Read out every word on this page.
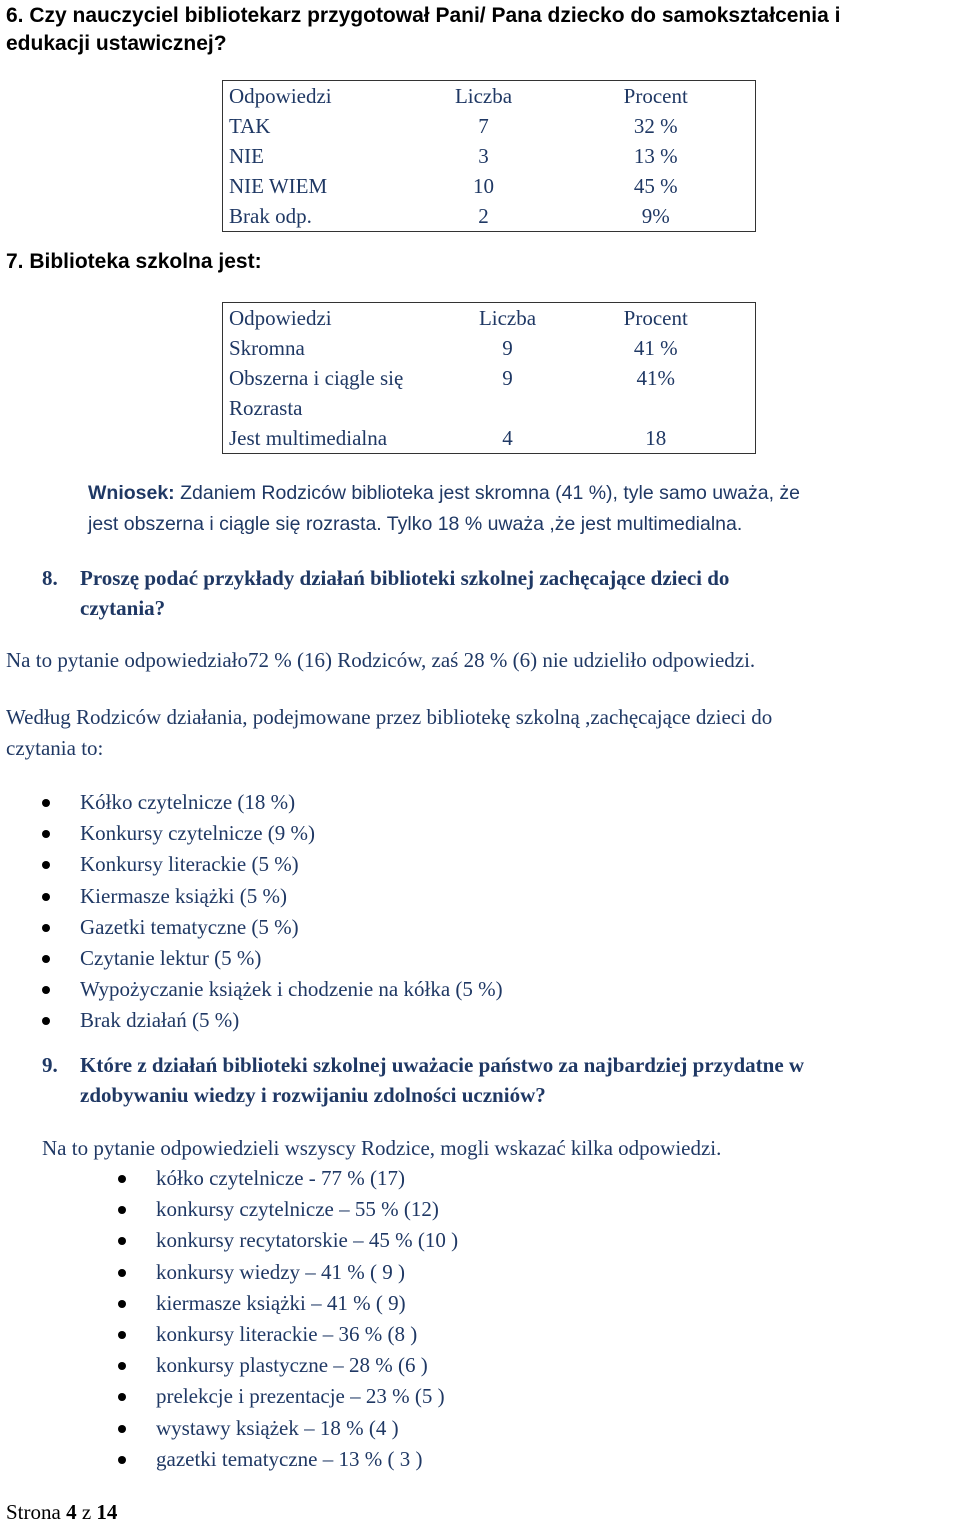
6. Czy nauczyciel bibliotekarz przygotował Pani/ Pana dziecko do samokształcenia i
edukacji ustawicznej?
Odpowiedzi	Liczba	Procent
TAK	7	32 %
NIE	3	13 %
NIE WIEM	10	45 %
Brak odp.	2	9%
7. Biblioteka szkolna jest:
Odpowiedzi	Liczba	Procent
Skromna	9	41 %
Obszerna i ciągle się	9	41%
Rozrasta		
Jest multimedialna	4	18
Wniosek: Zdaniem Rodziców biblioteka jest skromna (41 %), tyle samo uważa, że
jest obszerna i ciągle się rozrasta. Tylko 18 % uważa ,że jest multimedialna.
8.	Proszę podać przykłady działań biblioteki szkolnej zachęcające dzieci do
czytania?
Na to pytanie odpowiedziało72 % (16) Rodziców, zaś 28 % (6) nie udzieliło odpowiedzi.
Według Rodziców działania, podejmowane przez bibliotekę szkolną ,zachęcające dzieci do
czytania to:
Kółko czytelnicze (18 %)
Konkursy czytelnicze (9 %)
Konkursy literackie (5 %)
Kiermasze książki (5 %)
Gazetki tematyczne (5 %)
Czytanie lektur (5 %)
Wypożyczanie książek i chodzenie na kółka (5 %)
Brak działań (5 %)
9.	Które z działań biblioteki szkolnej uważacie państwo za najbardziej przydatne w
zdobywaniu wiedzy i rozwijaniu zdolności uczniów?
Na to pytanie odpowiedzieli wszyscy Rodzice, mogli wskazać kilka odpowiedzi.
kółko czytelnicze - 77 % (17)
konkursy czytelnicze – 55 % (12)
konkursy recytatorskie – 45 % (10 )
konkursy wiedzy – 41 % ( 9 )
kiermasze książki – 41 % ( 9)
konkursy literackie – 36 % (8 )
konkursy plastyczne – 28 % (6 )
prelekcje i prezentacje – 23 % (5 )
wystawy książek – 18 % (4 )
gazetki tematyczne – 13 % ( 3 )
Strona 4 z 14
